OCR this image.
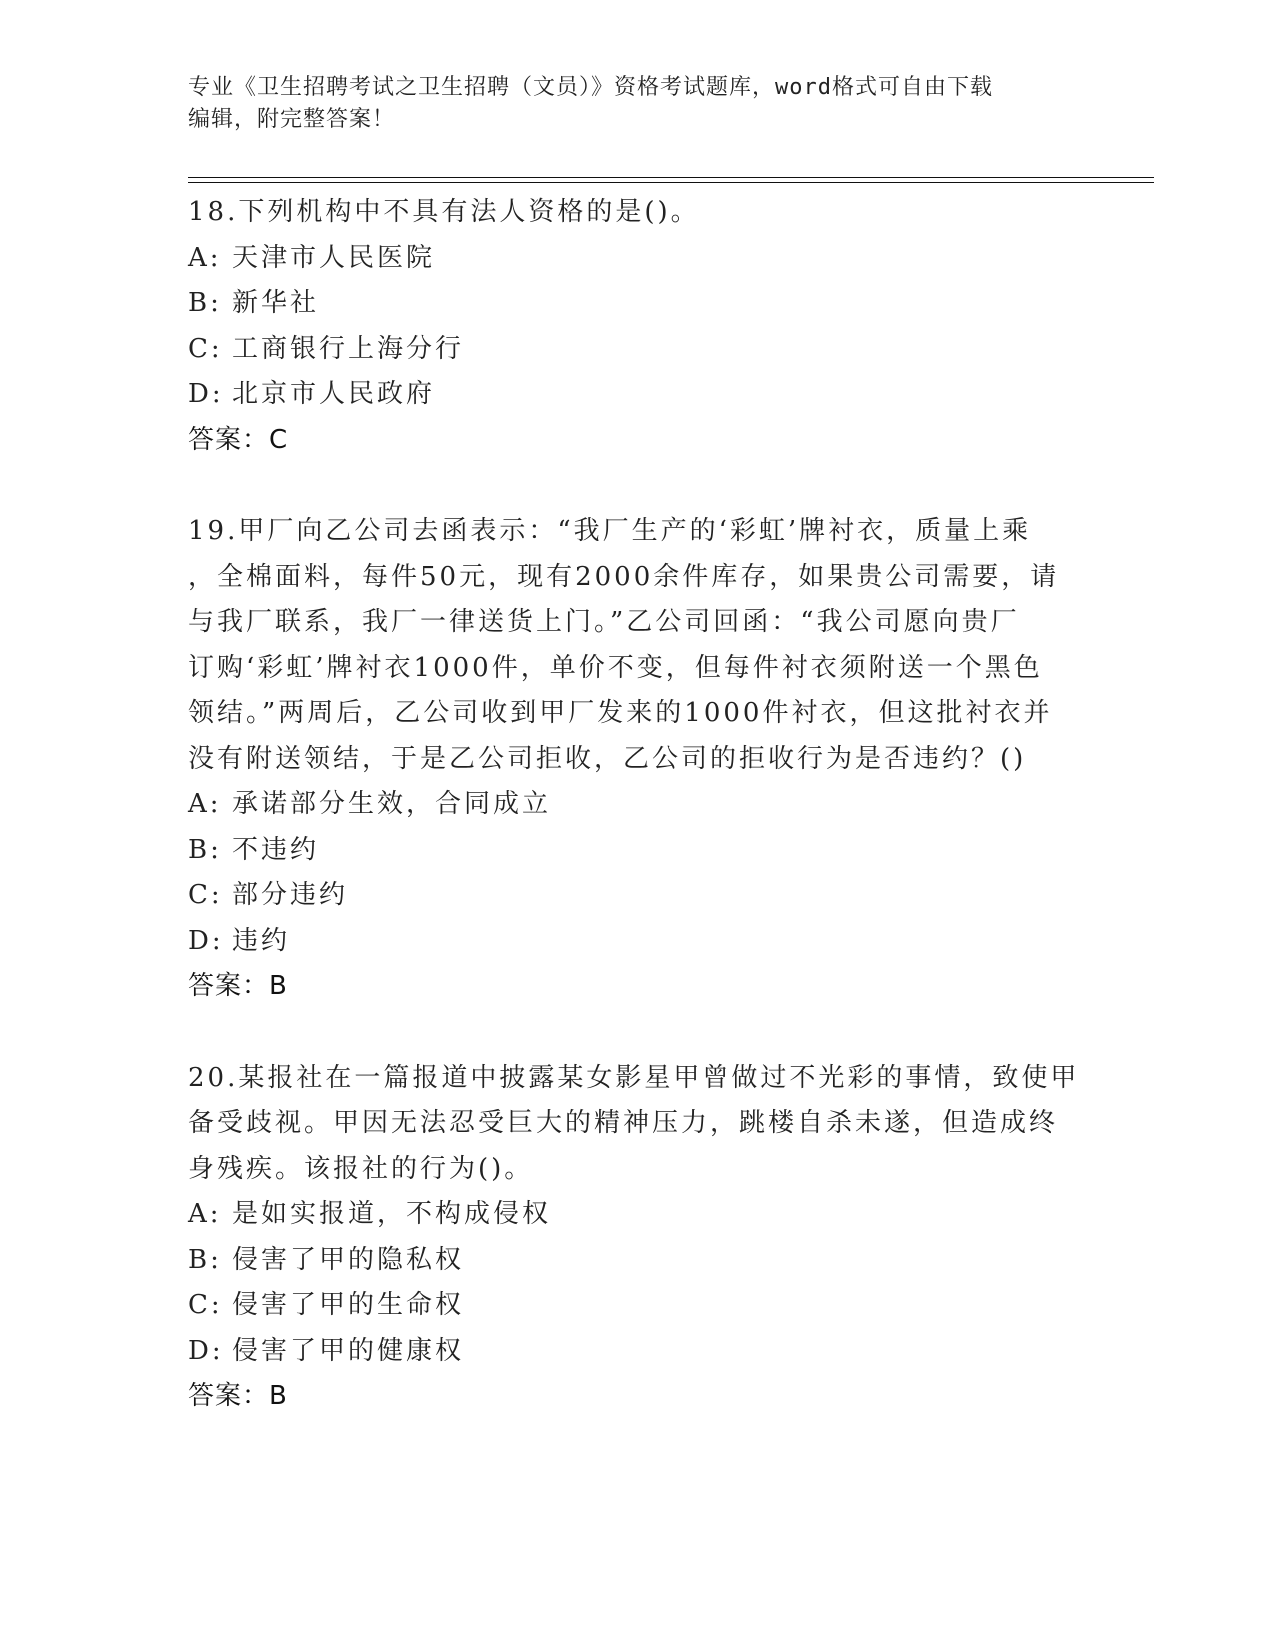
专业《卫生招聘考试之卫生招聘（文员）》资格考试题库，word格式可自由下载
编辑，附完整答案！
18.下列机构中不具有法人资格的是()。
A: 天津市人民医院
B: 新华社
C: 工商银行上海分行
D: 北京市人民政府
答案：C
19.甲厂向乙公司去函表示：“我厂生产的‘彩虹’牌衬衣，质量上乘
，全棉面料，每件50元，现有2000余件库存，如果贵公司需要，请
与我厂联系，我厂一律送货上门。”乙公司回函：“我公司愿向贵厂
订购‘彩虹’牌衬衣1000件，单价不变，但每件衬衣须附送一个黑色
领结。”两周后，乙公司收到甲厂发来的1000件衬衣，但这批衬衣并
没有附送领结，于是乙公司拒收，乙公司的拒收行为是否违约？()
A: 承诺部分生效，合同成立
B: 不违约
C: 部分违约
D: 违约
答案：B
20.某报社在一篇报道中披露某女影星甲曾做过不光彩的事情，致使甲
备受歧视。甲因无法忍受巨大的精神压力，跳楼自杀未遂，但造成终
身残疾。该报社的行为()。
A: 是如实报道，不构成侵权
B: 侵害了甲的隐私权
C: 侵害了甲的生命权
D: 侵害了甲的健康权
答案：B
